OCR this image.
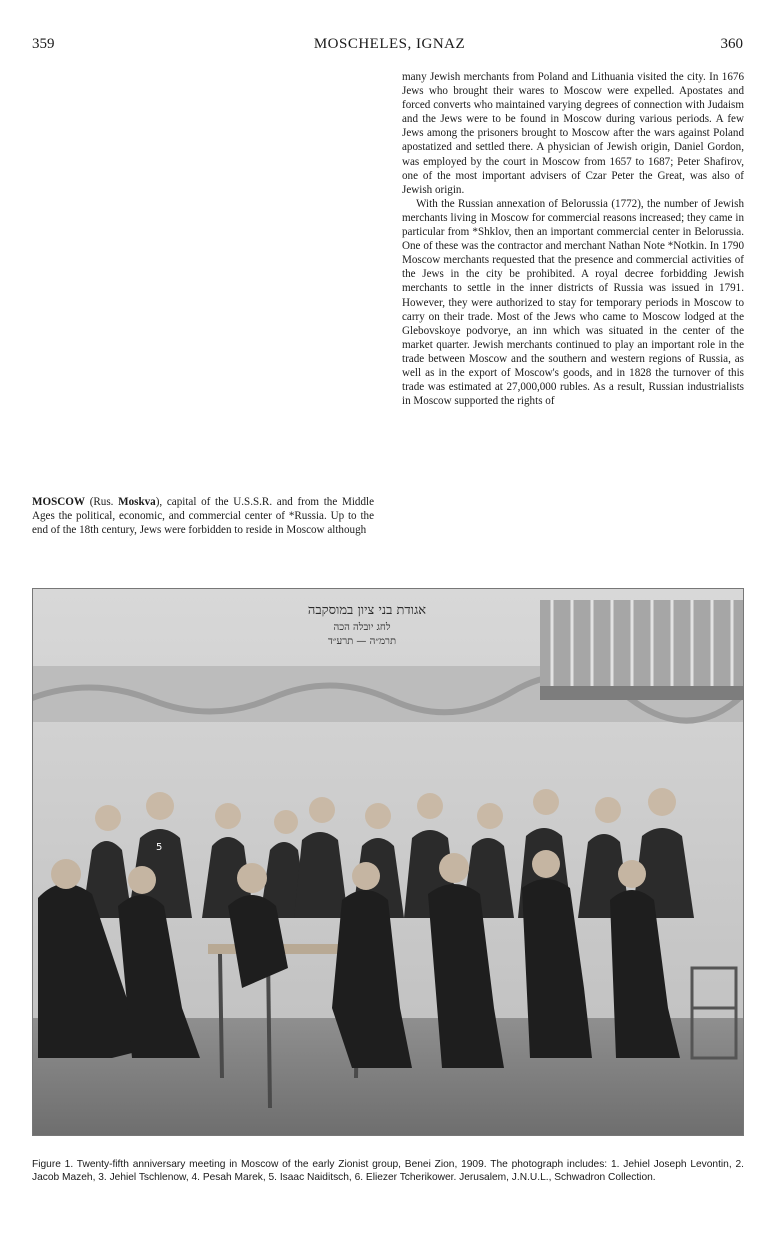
359	MOSCHELES, IGNAZ	360

many Jewish merchants from Poland and Lithuania visited the city. In 1676 Jews who brought their wares to Moscow were expelled. Apostates and forced converts who maintained varying degrees of connection with Judaism and the Jews were to be found in Moscow during various periods. A few Jews among the prisoners brought to Moscow after the wars against Poland apostatized and settled there. A physician of Jewish origin, Daniel Gordon, was employed by the court in Moscow from 1657 to 1687; Peter Shafirov, one of the most important advisers of Czar Peter the Great, was also of Jewish origin.

With the Russian annexation of Belorussia (1772), the number of Jewish merchants living in Moscow for commercial reasons increased; they came in particular from *Shklov, then an important commercial center in Belorussia. One of these was the contractor and merchant Nathan Note *Notkin. In 1790 Moscow merchants requested that the presence and commercial activities of the Jews in the city be prohibited. A royal decree forbidding Jewish merchants to settle in the inner districts of Russia was issued in 1791. However, they were authorized to stay for temporary periods in Moscow to carry on their trade. Most of the Jews who came to Moscow lodged at the Glebovskoye podvorye, an inn which was situated in the center of the market quarter. Jewish merchants continued to play an important role in the trade between Moscow and the southern and western regions of Russia, as well as in the export of Moscow's goods, and in 1828 the turnover of this trade was estimated at 27,000,000 rubles. As a result, Russian industrialists in Moscow supported the rights of

MOSCOW (Rus. Moskva), capital of the U.S.S.R. and from the Middle Ages the political, economic, and commercial center of *Russia. Up to the end of the 18th century, Jews were forbidden to reside in Moscow although

אגודת בני ציון במוסקבה
לחג יובלה הכה
תרמ״ה — תרע״ד
5
Figure 1. Twenty-fifth anniversary meeting in Moscow of the early Zionist group, Benei Zion, 1909. The photograph includes: 1. Jehiel Joseph Levontin, 2. Jacob Mazeh, 3. Jehiel Tschlenow, 4. Pesah Marek, 5. Isaac Naiditsch, 6. Eliezer Tcherikower. Jerusalem, J.N.U.L., Schwadron Collection.
